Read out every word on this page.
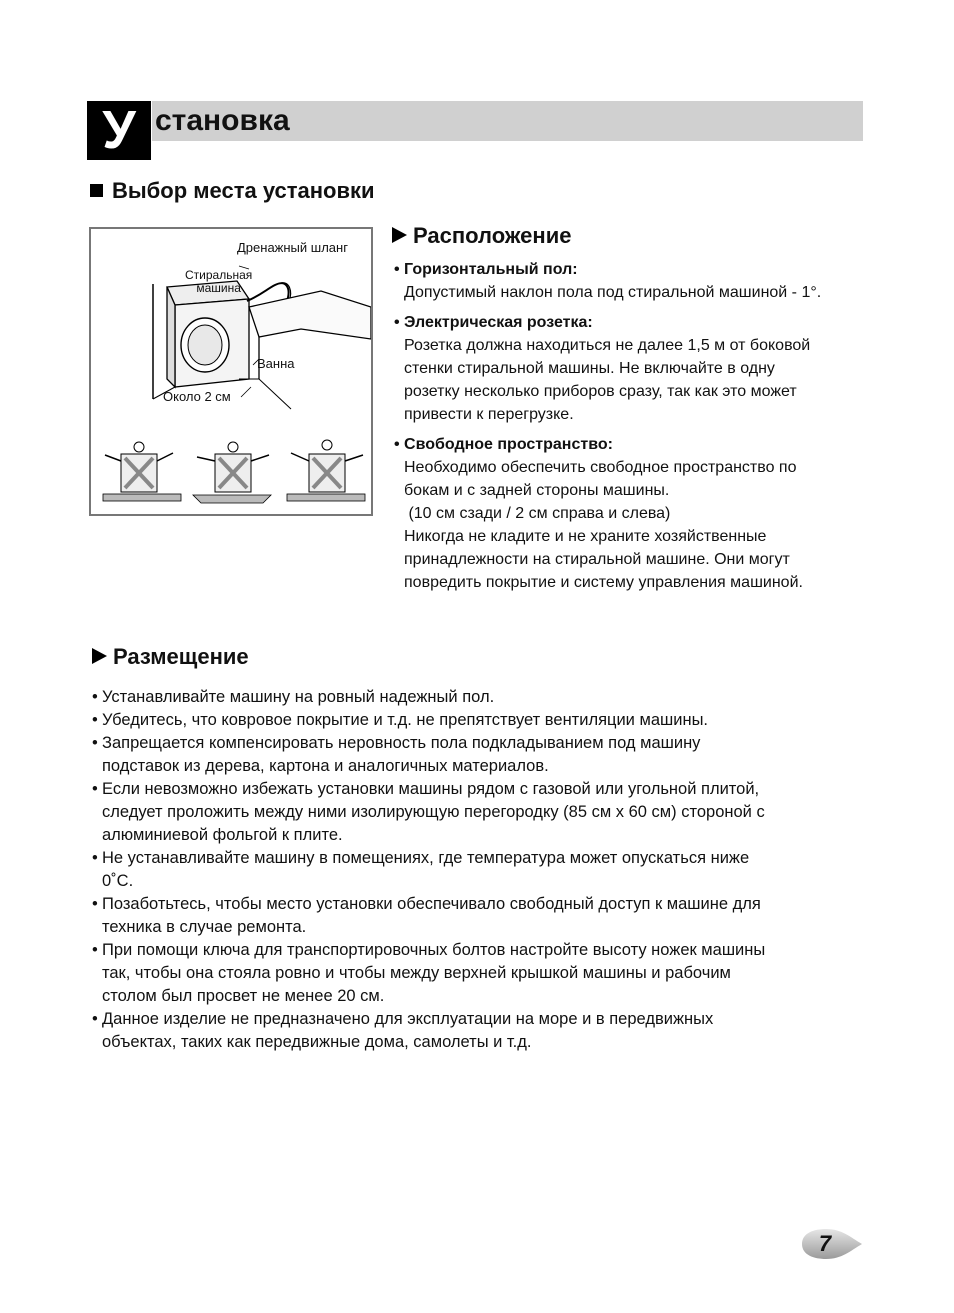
У становка
Выбор места установки
Дренажный шланг
Стиральная
машина
Ванна
Около 2 см
Расположение
• Горизонтальный пол:
Допустимый наклон пола под стиральной машиной - 1°.
• Электрическая розетка:
Розетка должна находиться не далее 1,5 м от боковой
стенки стиральной машины. Не включайте в одну
розетку несколько приборов сразу, так как это может
привести к перегрузке.
• Свободное пространство:
Необходимо обеспечить свободное пространство по
бокам и с задней стороны машины.
(10 см сзади / 2 см справа и слева)
Никогда не кладите и не храните хозяйственные
принадлежности на стиральной машине. Они могут
повредить покрытие и систему управления машиной.
Размещение
• Устанавливайте машину на ровный надежный пол.
• Убедитесь, что ковровое покрытие и т.д. не препятствует вентиляции машины.
• Запрещается компенсировать неровность пола подкладыванием под машину
подставок из дерева, картона и аналогичных материалов.
• Если невозможно избежать установки машины рядом с газовой или угольной плитой,
следует проложить между ними изолирующую перегородку (85 см x 60 см) стороной с
алюминиевой фольгой к плите.
• Не устанавливайте машину в помещениях, где температура может опускаться ниже
0˚C.
• Позаботьтесь, чтобы место установки обеспечивало свободный доступ к машине для
техника в случае ремонта.
• При помощи ключа для транспортировочных болтов настройте высоту ножек машины
так, чтобы она стояла ровно и чтобы между верхней крышкой машины и рабочим
столом был просвет не менее 20 см.
• Данное изделие не предназначено для эксплуатации на море и в передвижных
объектах, таких как передвижные дома, самолеты и т.д.
7
